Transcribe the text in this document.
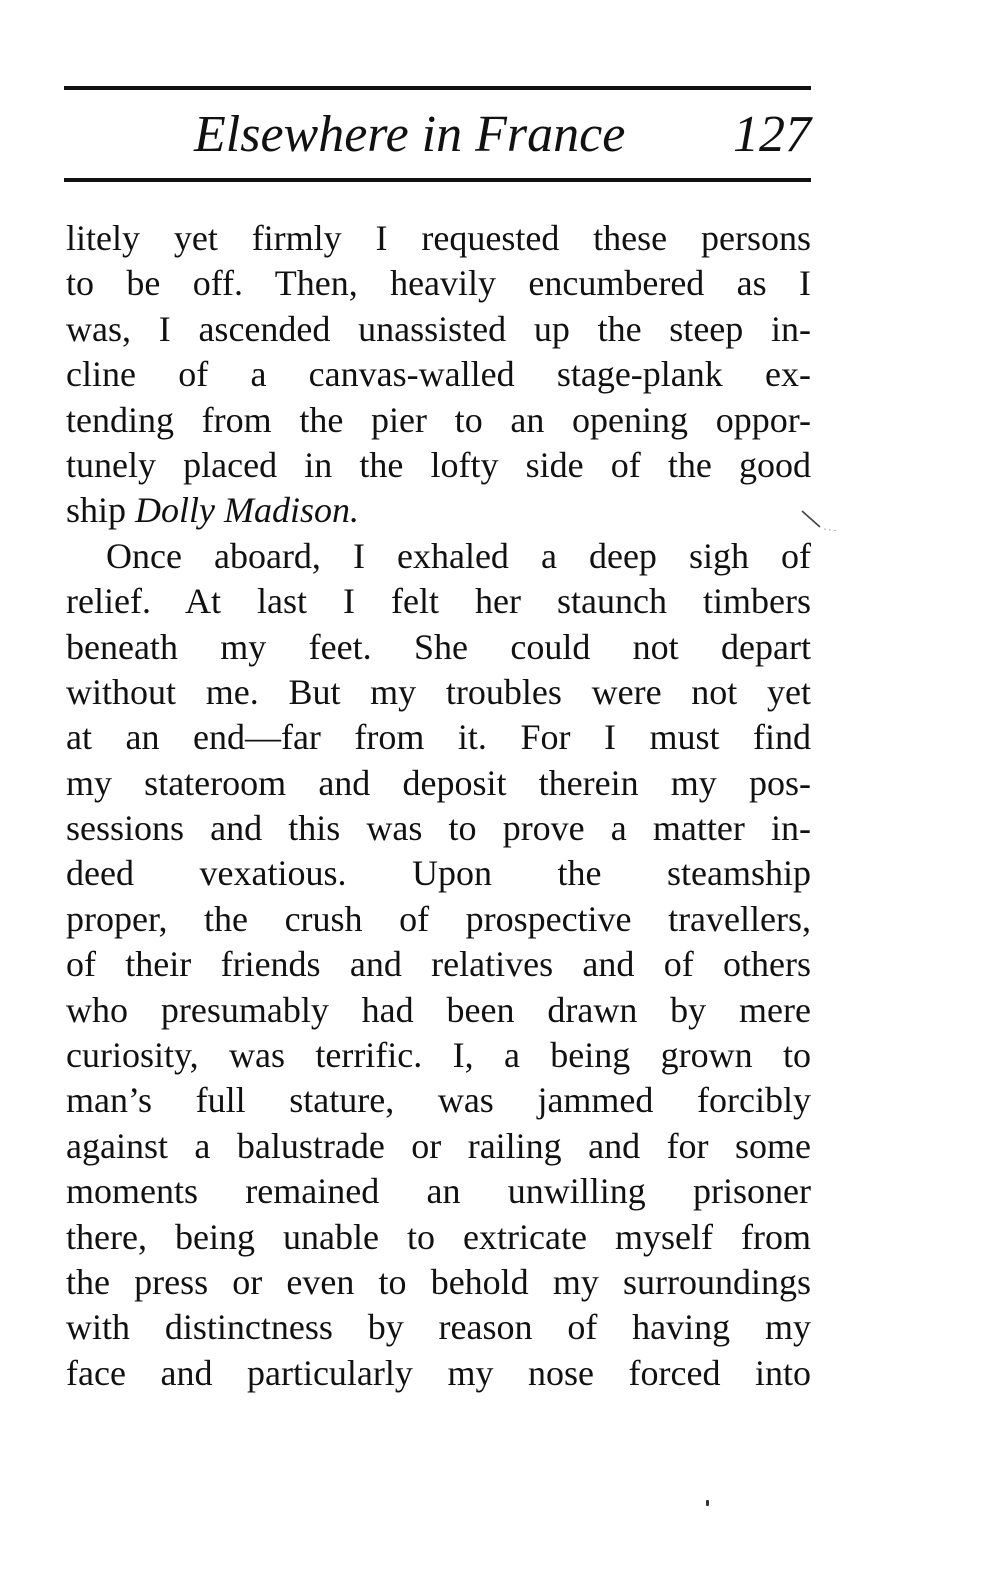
Elsewhere in France 127
litely yet firmly I requested these persons
to be off. Then, heavily encumbered as I
was, I ascended unassisted up the steep in-
cline of a canvas-walled stage-plank ex-
tending from the pier to an opening oppor-
tunely placed in the lofty side of the good
ship Dolly Madison.
Once aboard, I exhaled a deep sigh of
relief. At last I felt her staunch timbers
beneath my feet. She could not depart
without me. But my troubles were not yet
at an end—far from it. For I must find
my stateroom and deposit therein my pos-
sessions and this was to prove a matter in-
deed vexatious. Upon the steamship
proper, the crush of prospective travellers,
of their friends and relatives and of others
who presumably had been drawn by mere
curiosity, was terrific. I, a being grown to
man’s full stature, was jammed forcibly
against a balustrade or railing and for some
moments remained an unwilling prisoner
there, being unable to extricate myself from
the press or even to behold my surroundings
with distinctness by reason of having my
face and particularly my nose forced into
